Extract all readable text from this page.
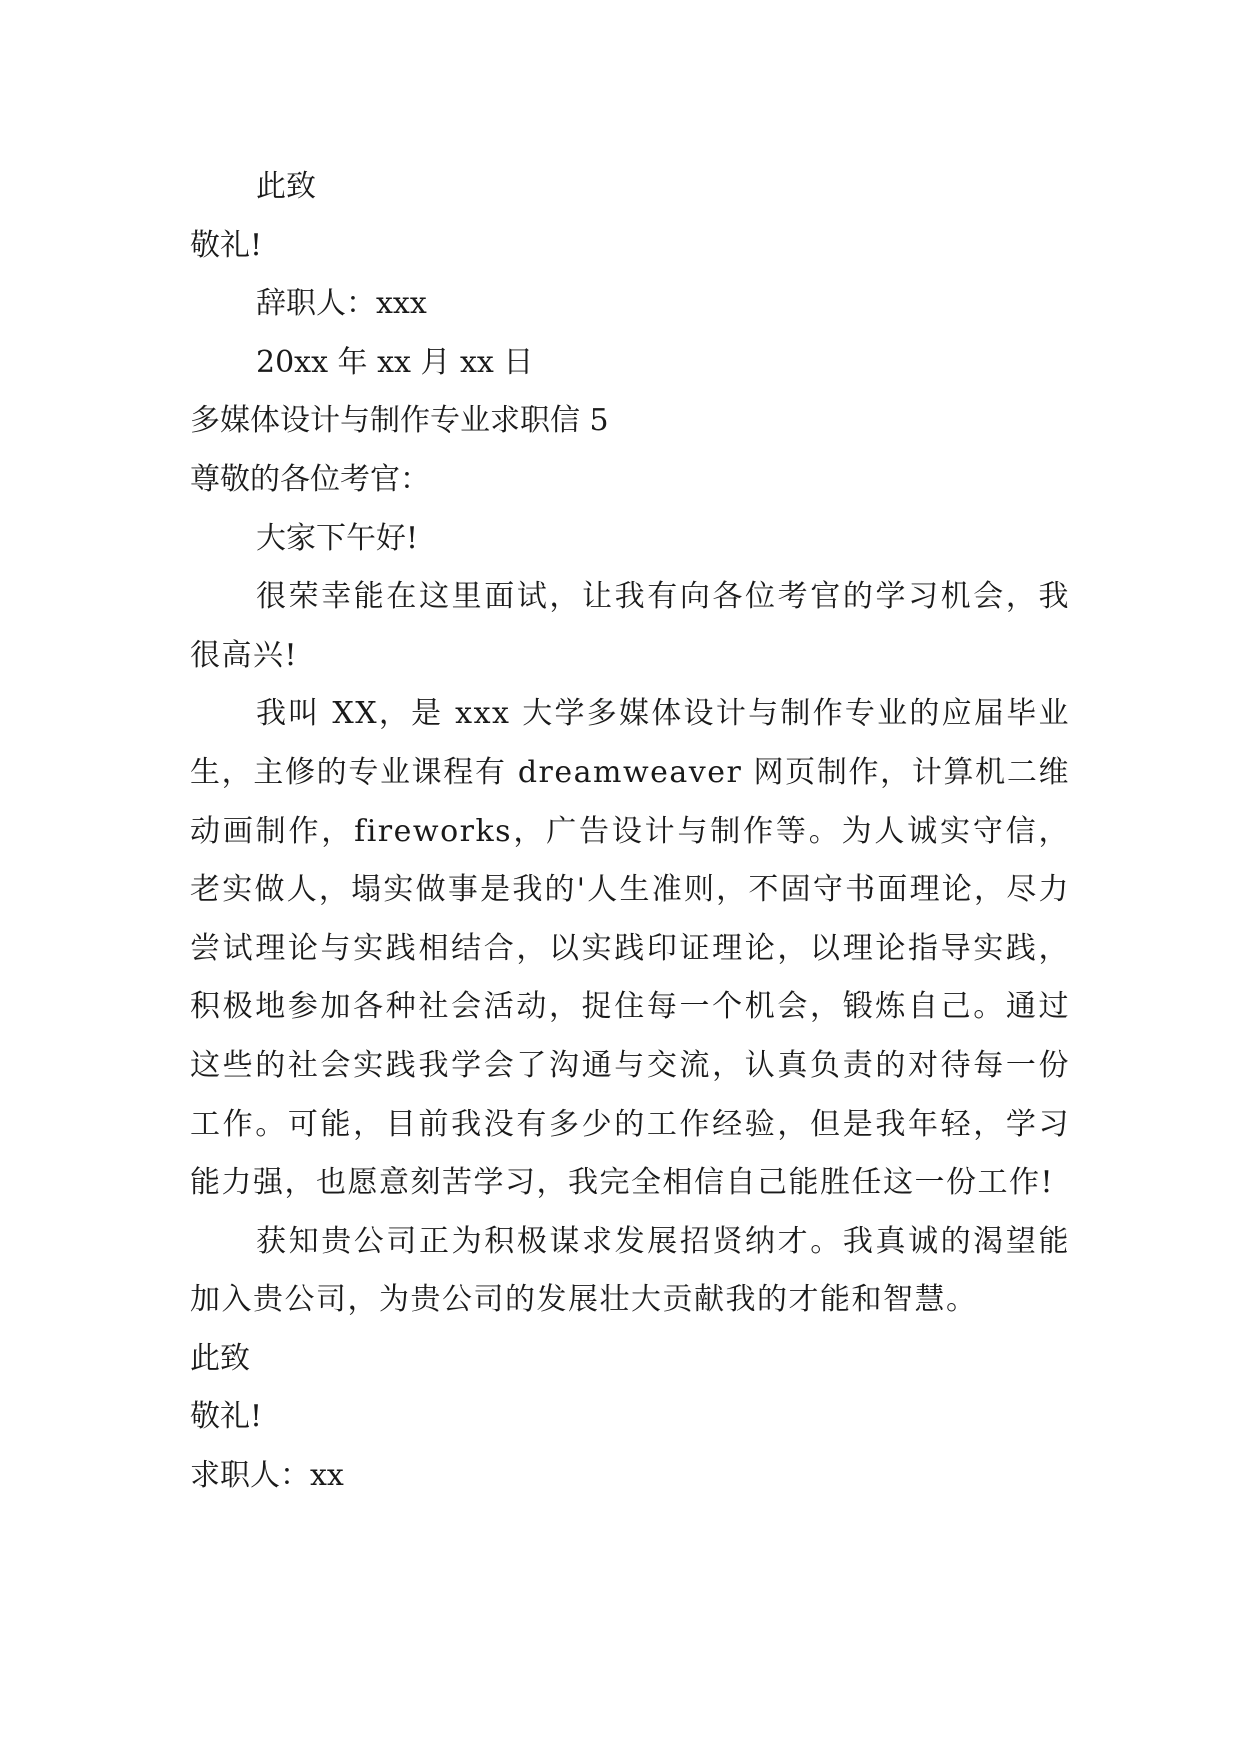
此致

敬礼!

辞职人：xxx

20xx 年 xx 月 xx 日

多媒体设计与制作专业求职信 5

尊敬的各位考官：

大家下午好!

很荣幸能在这里面试，让我有向各位考官的学习机会，我很高兴!

我叫 XX，是 xxx 大学多媒体设计与制作专业的应届毕业生，主修的专业课程有 dreamweaver 网页制作，计算机二维动画制作，fireworks，广告设计与制作等。为人诚实守信，老实做人，塌实做事是我的'人生准则，不固守书面理论，尽力尝试理论与实践相结合，以实践印证理论，以理论指导实践，积极地参加各种社会活动，捉住每一个机会，锻炼自己。通过这些的社会实践我学会了沟通与交流，认真负责的对待每一份工作。可能，目前我没有多少的工作经验，但是我年轻，学习能力强，也愿意刻苦学习，我完全相信自己能胜任这一份工作!

获知贵公司正为积极谋求发展招贤纳才。我真诚的渴望能加入贵公司，为贵公司的发展壮大贡献我的才能和智慧。

此致

敬礼!

求职人：xx
